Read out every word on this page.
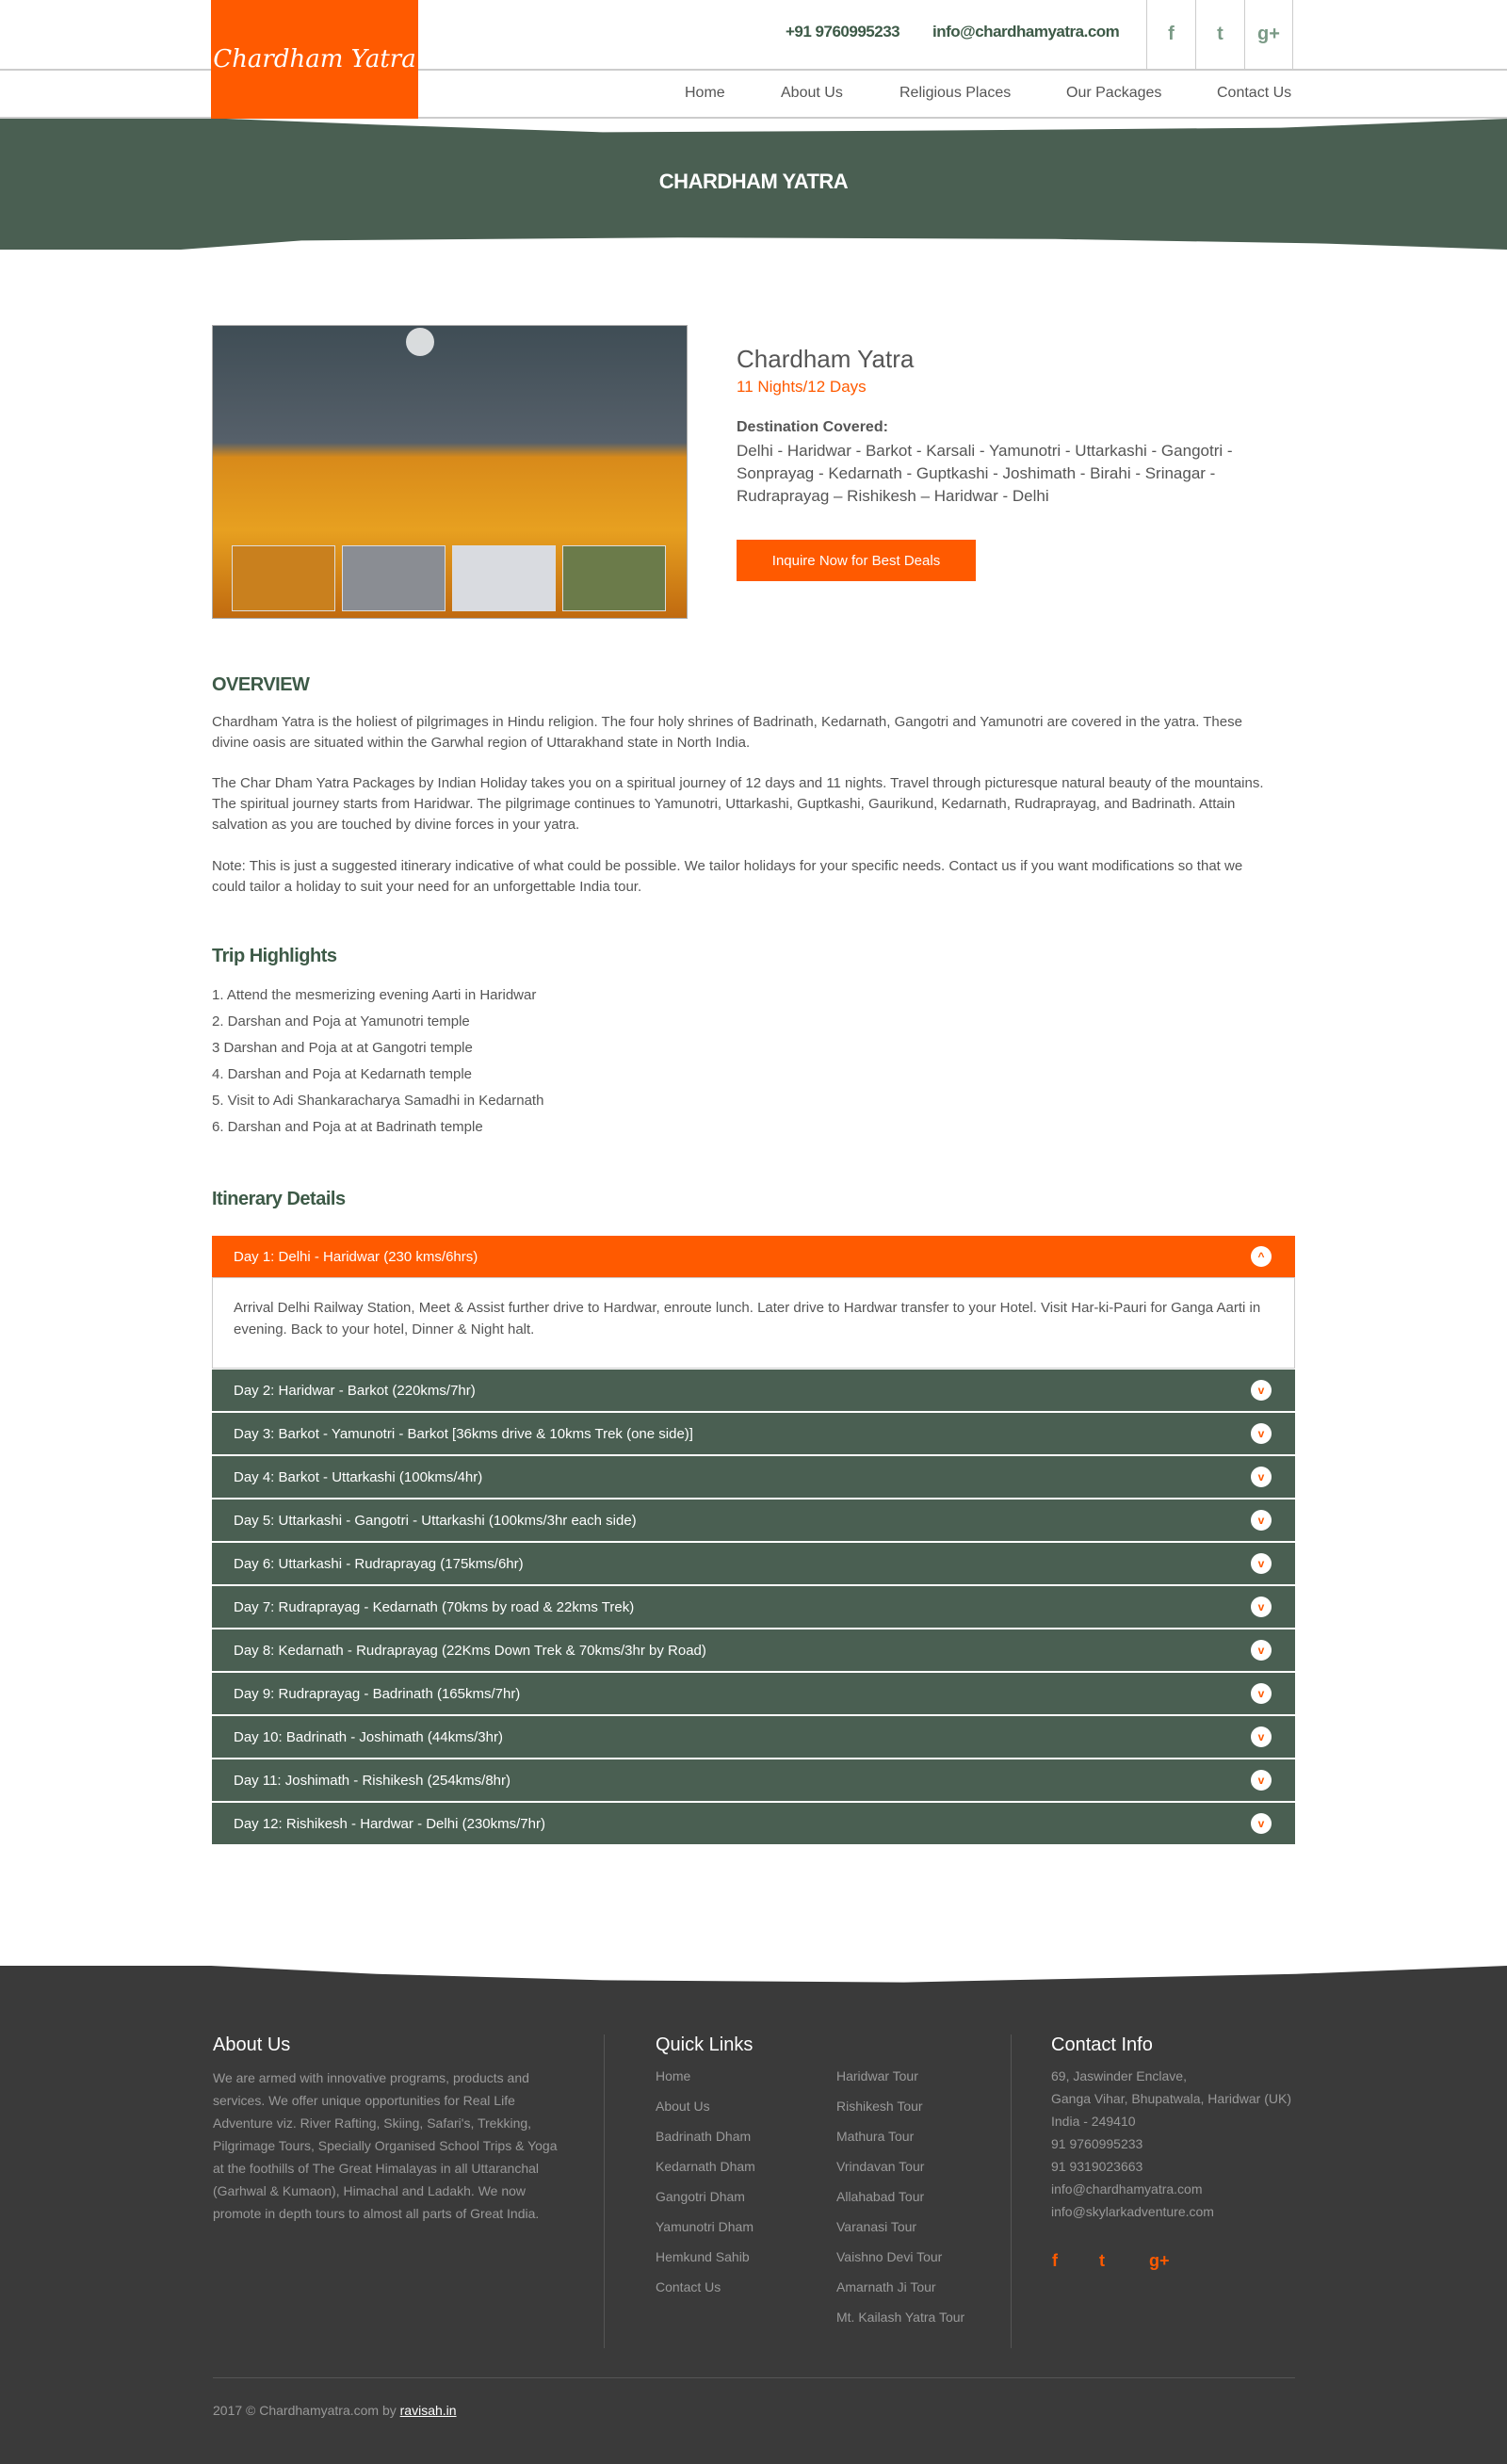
Chardham Yatra
+91 9760995233 info@chardhamyatra.com	f	t	g+
Home	About Us	Religious Places	Our Packages	Contact Us
CHARDHAM YATRA
Chardham Yatra
11 Nights/12 Days
Destination Covered:
Delhi - Haridwar - Barkot - Karsali - Yamunotri - Uttarkashi - Gangotri - Sonprayag - Kedarnath - Guptkashi - Joshimath - Birahi - Srinagar - Rudraprayag – Rishikesh – Haridwar - Delhi
Inquire Now for Best Deals
OVERVIEW
Chardham Yatra is the holiest of pilgrimages in Hindu religion. The four holy shrines of Badrinath, Kedarnath, Gangotri and Yamunotri are covered in the yatra. These divine oasis are situated within the Garwhal region of Uttarakhand state in North India.
The Char Dham Yatra Packages by Indian Holiday takes you on a spiritual journey of 12 days and 11 nights. Travel through picturesque natural beauty of the mountains. The spiritual journey starts from Haridwar. The pilgrimage continues to Yamunotri, Uttarkashi, Guptkashi, Gaurikund, Kedarnath, Rudraprayag, and Badrinath. Attain salvation as you are touched by divine forces in your yatra.
Note: This is just a suggested itinerary indicative of what could be possible. We tailor holidays for your specific needs. Contact us if you want modifications so that we could tailor a holiday to suit your need for an unforgettable India tour.
Trip Highlights
1. Attend the mesmerizing evening Aarti in Haridwar
2. Darshan and Poja at Yamunotri temple
3 Darshan and Poja at at Gangotri temple
4. Darshan and Poja at Kedarnath temple
5. Visit to Adi Shankaracharya Samadhi in Kedarnath
6. Darshan and Poja at at Badrinath temple
Itinerary Details
Day 1: Delhi - Haridwar (230 kms/6hrs)	^
Day 2: Haridwar - Barkot (220kms/7hr)	v
Day 3: Barkot - Yamunotri - Barkot [36kms drive & 10kms Trek (one side)]	v
Day 4: Barkot - Uttarkashi (100kms/4hr)	v
Day 5: Uttarkashi - Gangotri - Uttarkashi (100kms/3hr each side)	v
Day 6: Uttarkashi - Rudraprayag (175kms/6hr)	v
Day 7: Rudraprayag - Kedarnath (70kms by road & 22kms Trek)	v
Day 8: Kedarnath - Rudraprayag (22Kms Down Trek & 70kms/3hr by Road)	v
Day 9: Rudraprayag - Badrinath (165kms/7hr)	v
Day 10: Badrinath - Joshimath (44kms/3hr)	v
Day 11: Joshimath - Rishikesh (254kms/8hr)	v
Day 12: Rishikesh - Hardwar - Delhi (230kms/7hr)	v
Arrival Delhi Railway Station, Meet & Assist further drive to Hardwar, enroute lunch. Later drive to Hardwar transfer to your Hotel. Visit Har-ki-Pauri for Ganga Aarti in evening. Back to your hotel, Dinner & Night halt.
About Us
We are armed with innovative programs, products and services. We offer unique opportunities for Real Life Adventure viz. River Rafting, Skiing, Safari's, Trekking, Pilgrimage Tours, Specially Organised School Trips & Yoga at the foothills of The Great Himalayas in all Uttaranchal (Garhwal & Kumaon), Himachal and Ladakh. We now promote in depth tours to almost all parts of Great India.
Quick Links
Home
About Us
Badrinath Dham
Kedarnath Dham
Gangotri Dham
Yamunotri Dham
Hemkund Sahib
Contact Us
Haridwar Tour
Rishikesh Tour
Mathura Tour
Vrindavan Tour
Allahabad Tour
Varanasi Tour
Vaishno Devi Tour
Amarnath Ji Tour
Mt. Kailash Yatra Tour
Contact Info
69, Jaswinder Enclave,
Ganga Vihar, Bhupatwala, Haridwar (UK)
India - 249410
91 9760995233
91 9319023663
info@chardhamyatra.com
info@skylarkadventure.com
f t	g+
2017 © Chardhamyatra.com by ravisah.in
